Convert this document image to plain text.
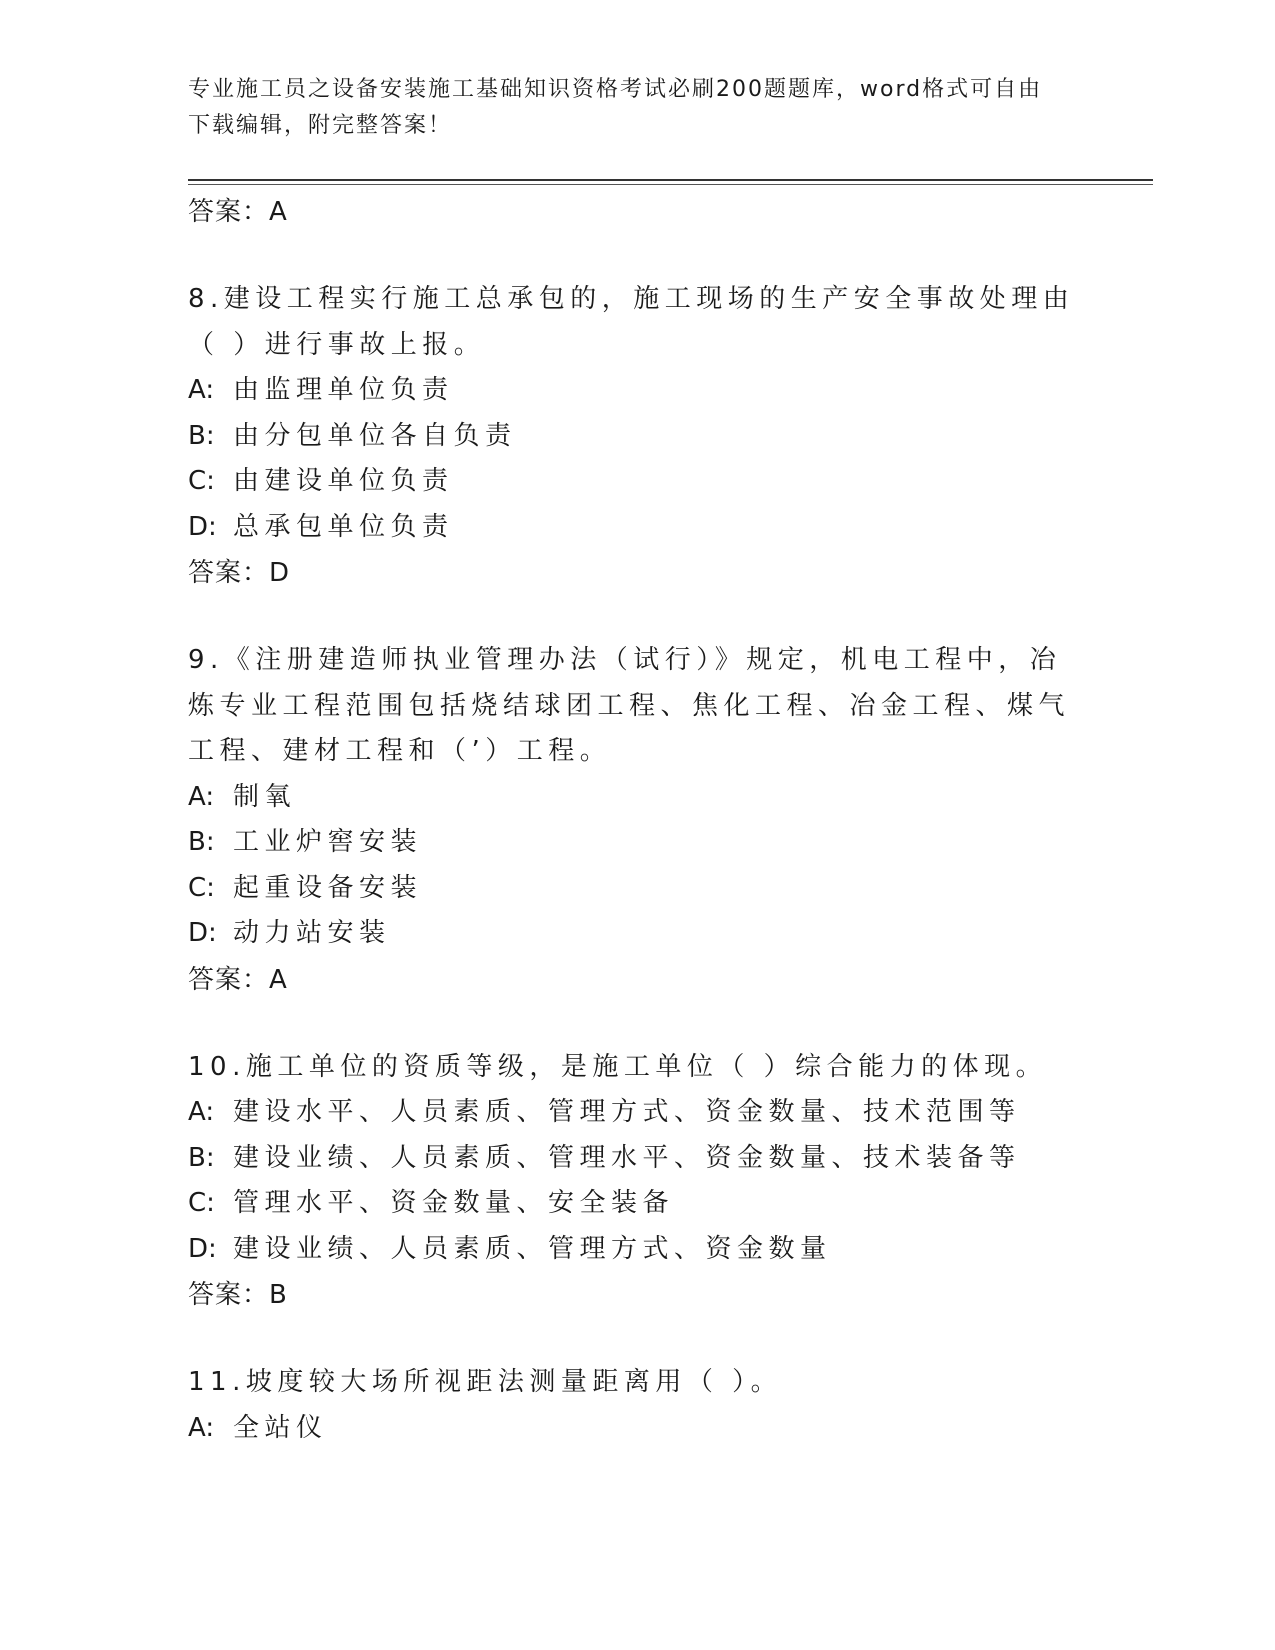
专业施工员之设备安装施工基础知识资格考试必刷200题题库，word格式可自由
下载编辑，附完整答案！
答案：A
8.建设工程实行施工总承包的，施工现场的生产安全事故处理由（ ）进行事故上报。
A: 由监理单位负责
B: 由分包单位各自负责
C: 由建设单位负责
D: 总承包单位负责
答案：D
9.《注册建造师执业管理办法（试行）》规定，机电工程中，冶炼专业工程范围包括烧结球团工程、焦化工程、冶金工程、煤气工程、建材工程和（’）工程。
A: 制氧
B: 工业炉窖安装
C: 起重设备安装
D: 动力站安装
答案：A
10.施工单位的资质等级，是施工单位（ ）综合能力的体现。
A: 建设水平、人员素质、管理方式、资金数量、技术范围等
B: 建设业绩、人员素质、管理水平、资金数量、技术装备等
C: 管理水平、资金数量、安全装备
D: 建设业绩、人员素质、管理方式、资金数量
答案：B
11.坡度较大场所视距法测量距离用（ ）。
A: 全站仪
